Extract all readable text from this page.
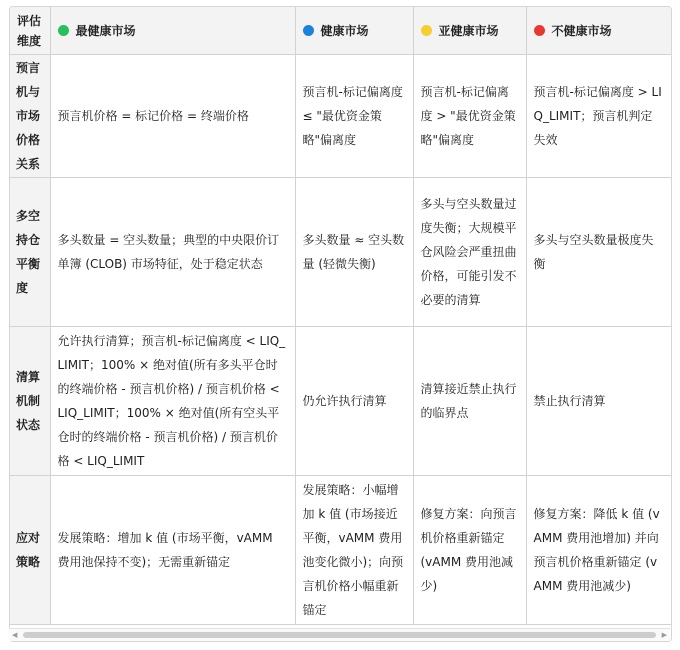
评估维度	最健康市场	健康市场	亚健康市场	不健康市场

预言机与市场价格关系	预言机价格 = 标记价格 = 终端价格	预言机-标记偏离度 ≤ "最优资金策略"偏离度	预言机-标记偏离度 > "最优资金策略"偏离度	预言机-标记偏离度 > LIQ_LIMIT；预言机判定失效
多空持仓平衡度	多头数量 = 空头数量；典型的中央限价订单簿 (CLOB) 市场特征，处于稳定状态	多头数量 ≈ 空头数量 (轻微失衡)	多头与空头数量过度失衡；大规模平仓风险会严重扭曲价格，可能引发不必要的清算	多头与空头数量极度失衡
清算机制状态	允许执行清算；预言机-标记偏离度 < LIQ_LIMIT；100% × 绝对值(所有多头平仓时的终端价格 - 预言机价格) / 预言机价格 < LIQ_LIMIT；100% × 绝对值(所有空头平仓时的终端价格 - 预言机价格) / 预言机价格 < LIQ_LIMIT	仍允许执行清算	清算接近禁止执行的临界点	禁止执行清算
应对策略	发展策略：增加 k 值 (市场平衡，vAMM 费用池保持不变)；无需重新锚定	发展策略：小幅增加 k 值 (市场接近平衡，vAMM 费用池变化微小)；向预言机价格小幅重新锚定	修复方案：向预言机价格重新锚定 (vAMM 费用池减少)	修复方案：降低 k 值 (vAMM 费用池增加) 并向预言机价格重新锚定 (vAMM 费用池减少)
◀	▶
